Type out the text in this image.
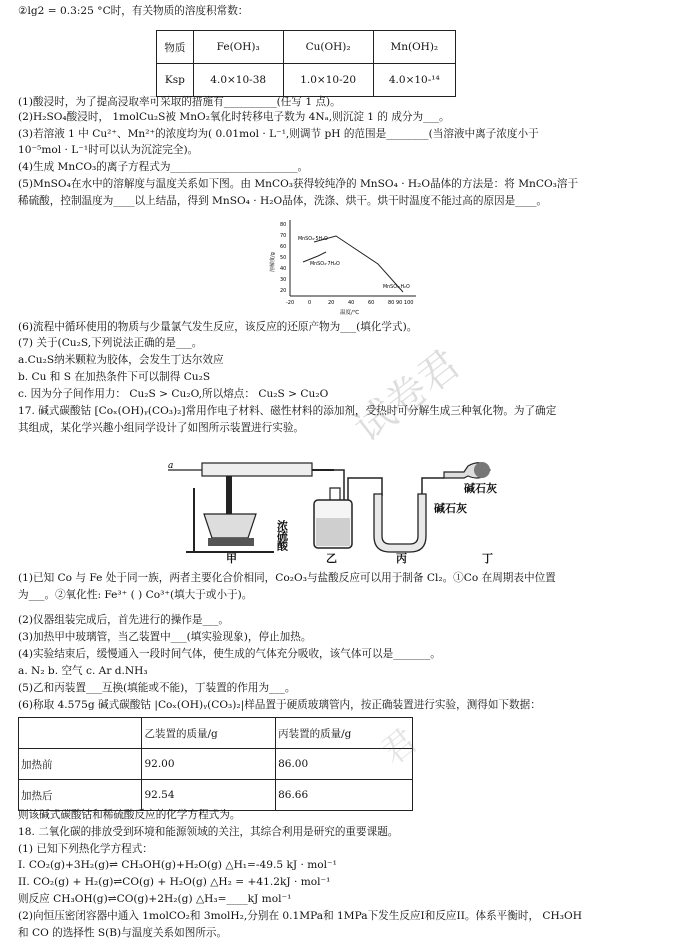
②lg2 = 0.3:25 °C时，有关物质的溶度积常数：
(1)酸浸时，为了提高浸取率可采取的措施有__________(任写 1 点)。
(2)H₂SO₄酸浸时， 1molCu₂S被 MnO₂氧化时转移电子数为 4Nₐ,则沉淀 1 的 成分为___。
(3)若溶液 1 中 Cu²⁺、Mn²⁺的浓度均为( 0.01mol · L⁻¹,则调节 pH 的范围是________(当溶液中离子浓度小于
10⁻⁵mol · L⁻¹时可以认为沉淀完全)。
(4)生成 MnCO₃的离子方程式为________________________。
(5)MnSO₄在水中的溶解度与温度关系如下图。由 MnCO₃获得较纯净的 MnSO₄ · H₂O晶体的方法是：将 MnCO₃溶于
稀硫酸，控制温度为____以上结晶，得到 MnSO₄ · H₂O晶体，洗涤、烘干。烘干时温度不能过高的原因是____。
(6)流程中循环使用的物质与少量氯气发生反应，该反应的还原产物为___(填化学式)。
(7) 关于(Cu₂S,下列说法正确的是___。
a.Cu₂S纳米颗粒为胶体，会发生丁达尔效应
b. Cu 和 S 在加热条件下可以制得 Cu₂S
c. 因为分子间作用力： Cu₂S > Cu₂O,所以熔点： Cu₂S > Cu₂O
17. 碱式碳酸钴 [Coₓ(OH)ᵧ(CO₃)₂]常用作电子材料、磁性材料的添加剂，受热时可分解生成三种氧化物。为了确定
其组成，某化学兴趣小组同学设计了如图所示装置进行实验。
(1)已知 Co 与 Fe 处于同一族，两者主要化合价相同，Co₂O₃与盐酸反应可以用于制备 Cl₂。①Co 在周期表中位置
为___。②氧化性: Fe³⁺ ( ) Co³⁺(填大于或小于)。
(2)仪器组装完成后，首先进行的操作是___。
(3)加热甲中玻璃管，当乙装置中___(填实验现象)，停止加热。
(4)实验结束后，缓慢通入一段时间气体，使生成的气体充分吸收，该气体可以是_______。
a. N₂ b. 空气 c. Ar d.NH₃
(5)乙和丙装置___互换(填能或不能)，丁装置的作用为___。
(6)称取 4.575g 碱式碳酸钴 |Coₓ(OH)ᵧ(CO₃)₂|样品置于硬质玻璃管内，按正确装置进行实验，测得如下数据：
则该碱式碳酸钴和稀硫酸反应的化学方程式为。
18. 二氧化碳的排放受到环境和能源领域的关注，其综合利用是研究的重要课题。
(1) 已知下列热化学方程式：
I. CO₂(g)+3H₂(g)⇌ CH₃OH(g)+H₂O(g) △H₁=-49.5 kJ · mol⁻¹
II. CO₂(g) + H₂(g)⇌CO(g) + H₂O(g) △H₂ = +41.2kJ · mol⁻¹
则反应 CH₃OH(g)⇌CO(g)+2H₂(g) △H₃=____kJ mol⁻¹
(2)向恒压密闭容器中通入 1molCO₂和 3molH₂,分别在 0.1MPa和 1MPa下发生反应I和反应II。体系平衡时， CH₃OH
和 CO 的选择性 S(B)与温度关系如图所示。
物质	Fe(OH)₃	Cu(OH)₂	Mn(OH)₂
Ksp	4.0×10-38	1.0×10-20	4.0×10-¹⁴
80
70
60
50
40
30
20
-20	0	20	40	60	80 90 100
溶解度/g
温度/℃
MnSO₄·5H₂O
MnSO₄·7H₂O
MnSO₄·H₂O
a
浓硫酸
碱石灰
碱石灰
甲	乙	丙	丁
	乙装置的质量/g	丙装置的质量/g
加热前	92.00	86.00
加热后	92.54	86.66
试卷君
君
